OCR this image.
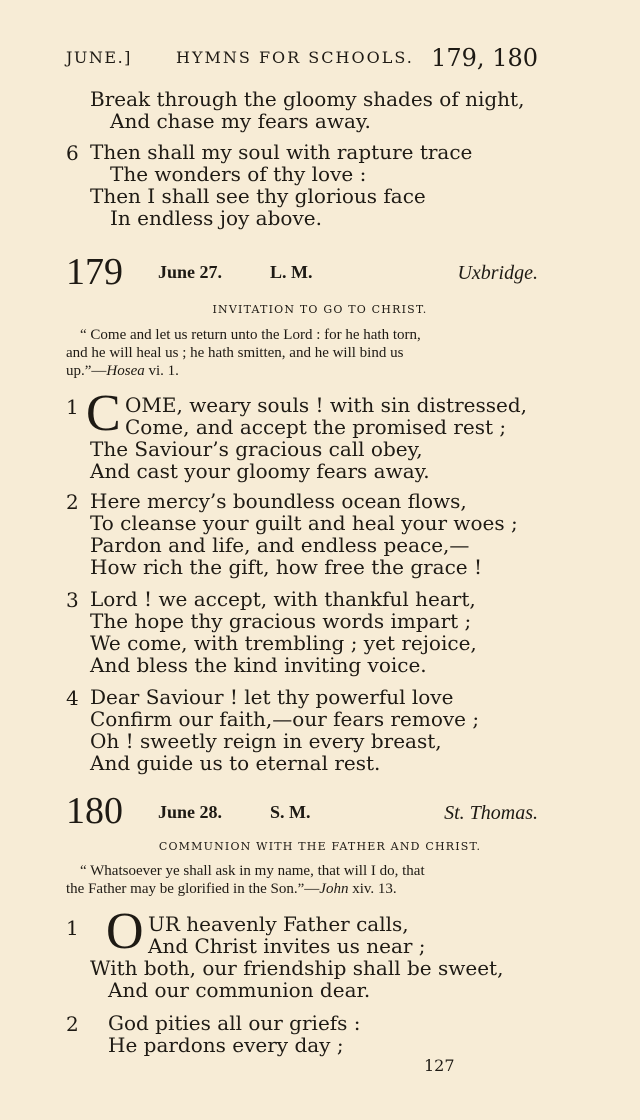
JUNE.]	HYMNS FOR SCHOOLS. 179, 180
Break through the gloomy shades of night,
And chase my fears away.
6 Then shall my soul with rapture trace
The wonders of thy love :
Then I shall see thy glorious face
In endless joy above.
179 June 27.	L. M.	Uxbridge.
INVITATION TO GO TO CHRIST.
“ Come and let us return unto the Lord : for he hath torn,
and he will heal us ; he hath smitten, and he will bind us
up.”—Hosea vi. 1.
1 C OME, weary souls ! with sin distressed,
Come, and accept the promised rest ;
The Saviour’s gracious call obey,
And cast your gloomy fears away.
2 Here mercy’s boundless ocean flows,
To cleanse your guilt and heal your woes ;
Pardon and life, and endless peace,—
How rich the gift, how free the grace !
3 Lord ! we accept, with thankful heart,
The hope thy gracious words impart ;
We come, with trembling ; yet rejoice,
And bless the kind inviting voice.
4 Dear Saviour ! let thy powerful love
Confirm our faith,—our fears remove ;
Oh ! sweetly reign in every breast,
And guide us to eternal rest.
180 June 28.	S. M.	St. Thomas.
COMMUNION WITH THE FATHER AND CHRIST.
“ Whatsoever ye shall ask in my name, that will I do, that
the Father may be glorified in the Son.”—John xiv. 13.
1 O UR heavenly Father calls,
And Christ invites us near ;
With both, our friendship shall be sweet,
And our communion dear.
2 God pities all our griefs :
He pardons every day ;
127
